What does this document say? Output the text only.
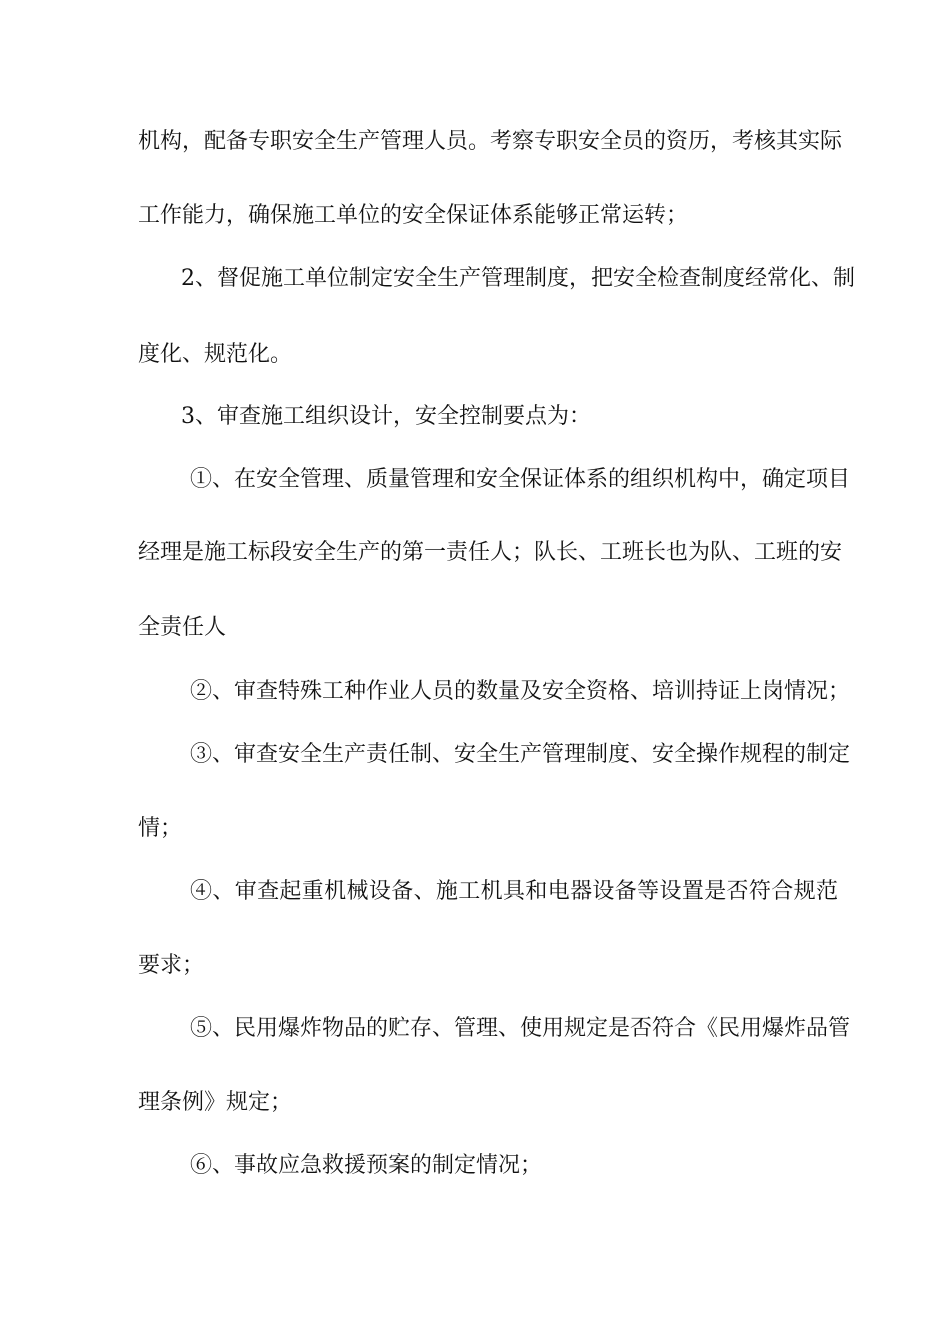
机构，配备专职安全生产管理人员。考察专职安全员的资历，考核其实际
工作能力，确保施工单位的安全保证体系能够正常运转；
2、督促施工单位制定安全生产管理制度，把安全检查制度经常化、制
度化、规范化。
3、审查施工组织设计，安全控制要点为：
①、在安全管理、质量管理和安全保证体系的组织机构中，确定项目
经理是施工标段安全生产的第一责任人；队长、工班长也为队、工班的安
全责任人
②、审查特殊工种作业人员的数量及安全资格、培训持证上岗情况；
③、审查安全生产责任制、安全生产管理制度、安全操作规程的制定
情；
④、审查起重机械设备、施工机具和电器设备等设置是否符合规范
要求；
⑤、民用爆炸物品的贮存、管理、使用规定是否符合《民用爆炸品管
理条例》规定；
⑥、事故应急救援预案的制定情况；
